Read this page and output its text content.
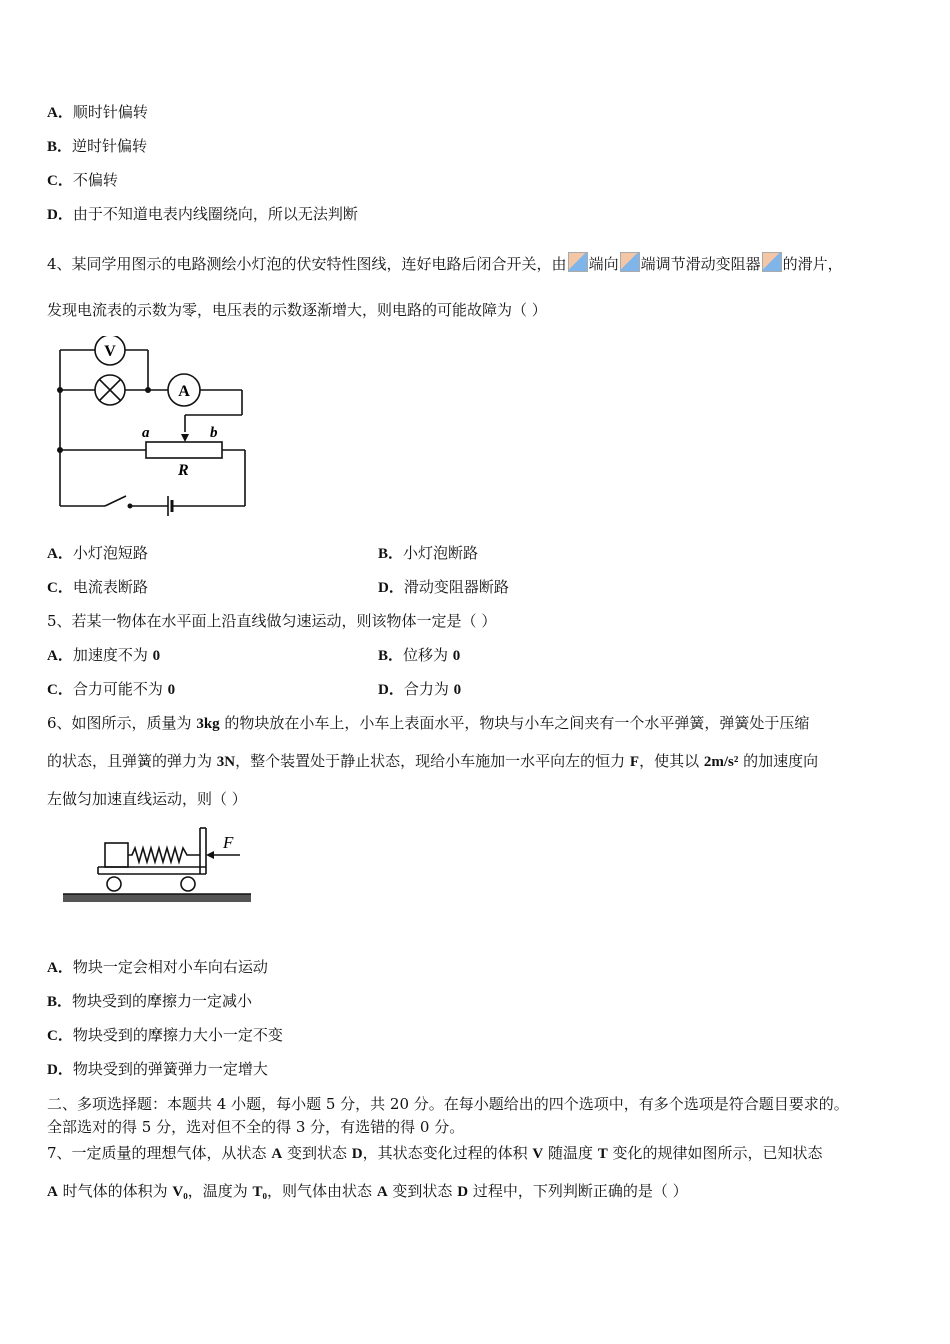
A．顺时针偏转
B．逆时针偏转
C．不偏转
D．由于不知道电表内线圈绕向，所以无法判断
4、某同学用图示的电路测绘小灯泡的伏安特性图线，连好电路后闭合开关，由 端向 端调节滑动变阻器 的滑片，
发现电流表的示数为零，电压表的示数逐渐增大，则电路的可能故障为（ ）
V
A
a	b
R
A．小灯泡短路	B．小灯泡断路
C．电流表断路	D．滑动变阻器断路
5、若某一物体在水平面上沿直线做匀速运动，则该物体一定是（ ）
A．加速度不为 0	B．位移为 0
C．合力可能不为 0	D．合力为 0
6、如图所示，质量为 3kg 的物块放在小车上，小车上表面水平，物块与小车之间夹有一个水平弹簧，弹簧处于压缩
的状态，且弹簧的弹力为 3N，整个装置处于静止状态，现给小车施加一水平向左的恒力 F，使其以 2m/s² 的加速度向
左做匀加速直线运动，则（ ）
F
A．物块一定会相对小车向右运动
B．物块受到的摩擦力一定减小
C．物块受到的摩擦力大小一定不变
D．物块受到的弹簧弹力一定增大
二、多项选择题：本题共 4 小题，每小题 5 分，共 20 分。在每小题给出的四个选项中，有多个选项是符合题目要求的。
全部选对的得 5 分，选对但不全的得 3 分，有选错的得 0 分。
7、一定质量的理想气体，从状态 A 变到状态 D，其状态变化过程的体积 V 随温度 T 变化的规律如图所示，已知状态
A 时气体的体积为 V₀，温度为 T₀，则气体由状态 A 变到状态 D 过程中，下列判断正确的是（ ）
